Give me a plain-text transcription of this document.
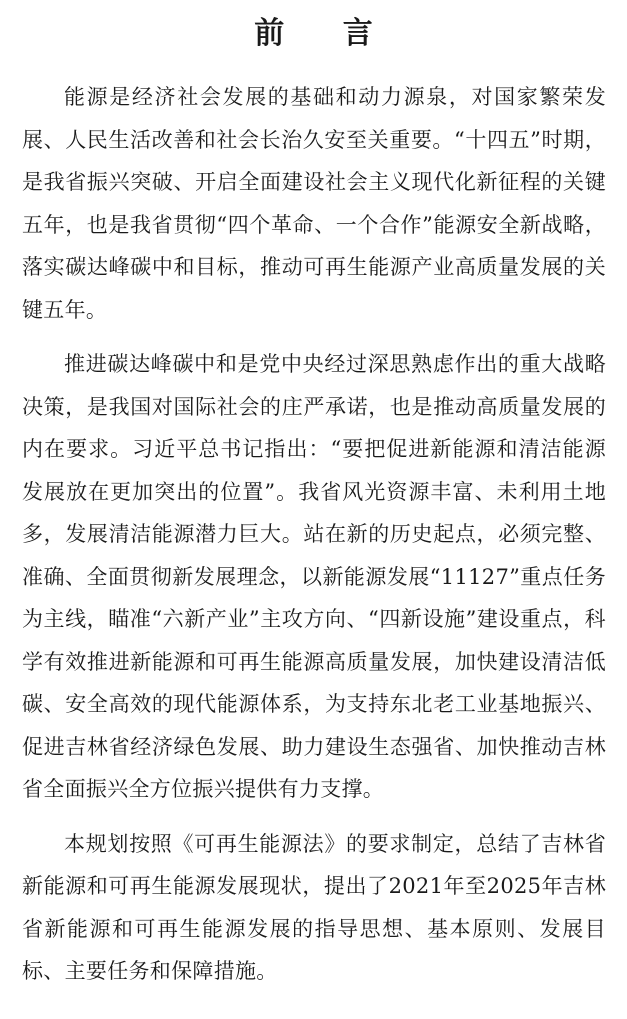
前 言

能源是经济社会发展的基础和动力源泉，对国家繁荣发展、人民生活改善和社会长治久安至关重要。“十四五”时期，是我省振兴突破、开启全面建设社会主义现代化新征程的关键五年，也是我省贯彻“四个革命、一个合作”能源安全新战略，落实碳达峰碳中和目标，推动可再生能源产业高质量发展的关键五年。

推进碳达峰碳中和是党中央经过深思熟虑作出的重大战略决策，是我国对国际社会的庄严承诺，也是推动高质量发展的内在要求。习近平总书记指出：“要把促进新能源和清洁能源发展放在更加突出的位置”。我省风光资源丰富、未利用土地多，发展清洁能源潜力巨大。站在新的历史起点，必须完整、准确、全面贯彻新发展理念，以新能源发展“11127”重点任务为主线，瞄准“六新产业”主攻方向、“四新设施”建设重点，科学有效推进新能源和可再生能源高质量发展，加快建设清洁低碳、安全高效的现代能源体系，为支持东北老工业基地振兴、促进吉林省经济绿色发展、助力建设生态强省、加快推动吉林省全面振兴全方位振兴提供有力支撑。

本规划按照《可再生能源法》的要求制定，总结了吉林省新能源和可再生能源发展现状，提出了2021年至2025年吉林省新能源和可再生能源发展的指导思想、基本原则、发展目标、主要任务和保障措施。
